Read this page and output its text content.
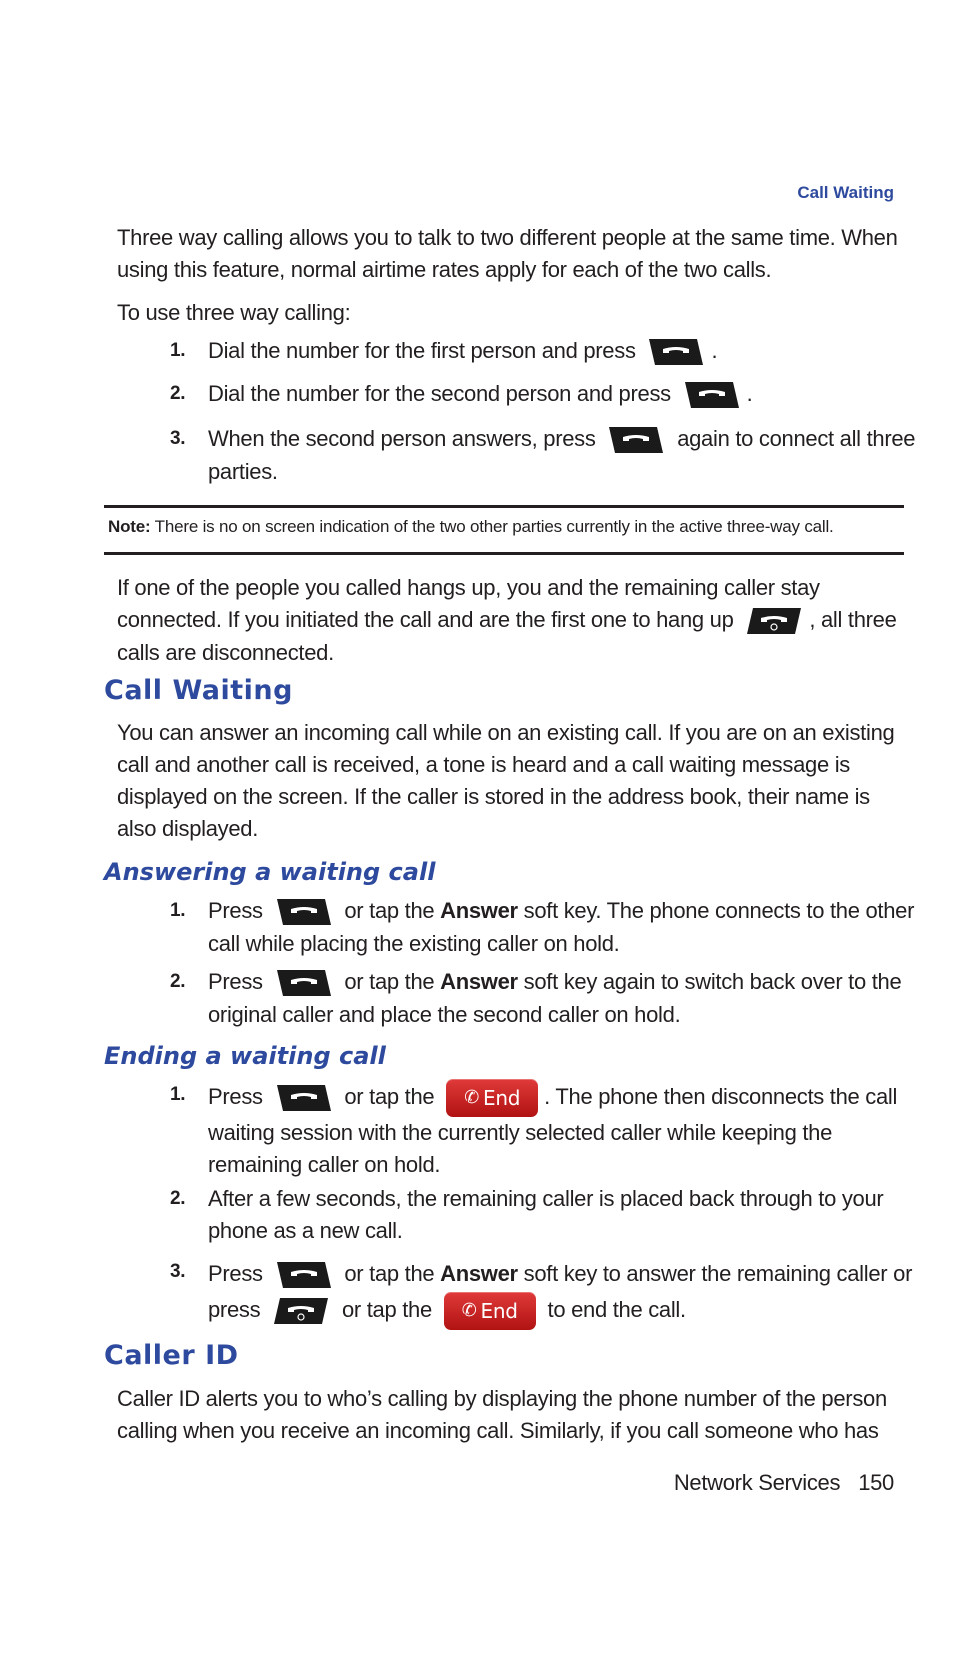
Call Waiting
Three way calling allows you to talk to two different people at the same time. When using this feature, normal airtime rates apply for each of the two calls.
To use three way calling:
1. Dial the number for the first person and press	.
2. Dial the number for the second person and press	.
3. When the second person answers, press	again to connect all three
parties.
Note: There is no on screen indication of the two other parties currently in the active three-way call.
If one of the people you called hangs up, you and the remaining caller stay
connected. If you initiated the call and are the first one to hang up	, all three
calls are disconnected.
Call Waiting
You can answer an incoming call while on an existing call. If you are on an existing call and another call is received, a tone is heard and a call waiting message is displayed on the screen. If the caller is stored in the address book, their name is also displayed.
Answering a waiting call
1. Press	or tap the Answer soft key. The phone connects to the other
call while placing the existing caller on hold.
2. Press	or tap the Answer soft key again to switch back over to the
original caller and place the second caller on hold.
Ending a waiting call
1. Press	or tap the ✆ End . The phone then disconnects the call
waiting session with the currently selected caller while keeping the
remaining caller on hold.
2. After a few seconds, the remaining caller is placed back through to your
phone as a new call.
3. Press	or tap the Answer soft key to answer the remaining caller or
press	or tap the ✆ End to end the call.
Caller ID
Caller ID alerts you to who’s calling by displaying the phone number of the person calling when you receive an incoming call. Similarly, if you call someone who has
Network Services 150
